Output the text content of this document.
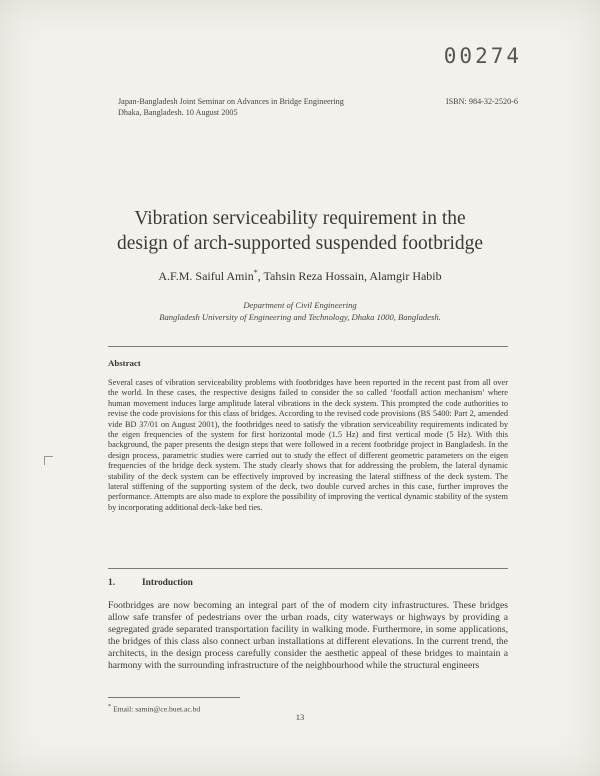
00274
Japan-Bangladesh Joint Seminar on Advances in Bridge Engineering
Dhaka, Bangladesh. 10 August 2005
ISBN: 984-32-2520-6
Vibration serviceability requirement in the
design of arch-supported suspended footbridge
A.F.M. Saiful Amin*, Tahsin Reza Hossain, Alamgir Habib
Department of Civil Engineering
Bangladesh University of Engineering and Technology, Dhaka 1000, Bangladesh.
Abstract
Several cases of vibration serviceability problems with footbridges have been reported in the recent past from all over the world. In these cases, the respective designs failed to consider the so called ‘footfall action mechanism’ where human movement induces large amplitude lateral vibrations in the deck system. This prompted the code authorities to revise the code provisions for this class of bridges. According to the revised code provisions (BS 5400: Part 2, amended vide BD 37/01 on August 2001), the footbridges need to satisfy the vibration serviceability requirements indicated by the eigen frequencies of the system for first horizontal mode (1.5 Hz) and first vertical mode (5 Hz). With this background, the paper presents the design steps that were followed in a recent footbridge project in Bangladesh. In the design process, parametric studies were carried out to study the effect of different geometric parameters on the eigen frequencies of the bridge deck system. The study clearly shows that for addressing the problem, the lateral dynamic stability of the deck system can be effectively improved by increasing the lateral stiffness of the deck system. The lateral stiffening of the supporting system of the deck, two double curved arches in this case, further improves the performance. Attempts are also made to explore the possibility of improving the vertical dynamic stability of the system by incorporating additional deck-lake bed ties.
1.	Introduction
Footbridges are now becoming an integral part of the of modern city infrastructures. These bridges allow safe transfer of pedestrians over the urban roads, city waterways or highways by providing a segregated grade separated transportation facility in walking mode. Furthermore, in some applications, the bridges of this class also connect urban installations at different elevations. In the current trend, the architects, in the design process carefully consider the aesthetic appeal of these bridges to maintain a harmony with the surrounding infrastructure of the neighbourhood while the structural engineers
* Email: samin@ce.buet.ac.bd
13
